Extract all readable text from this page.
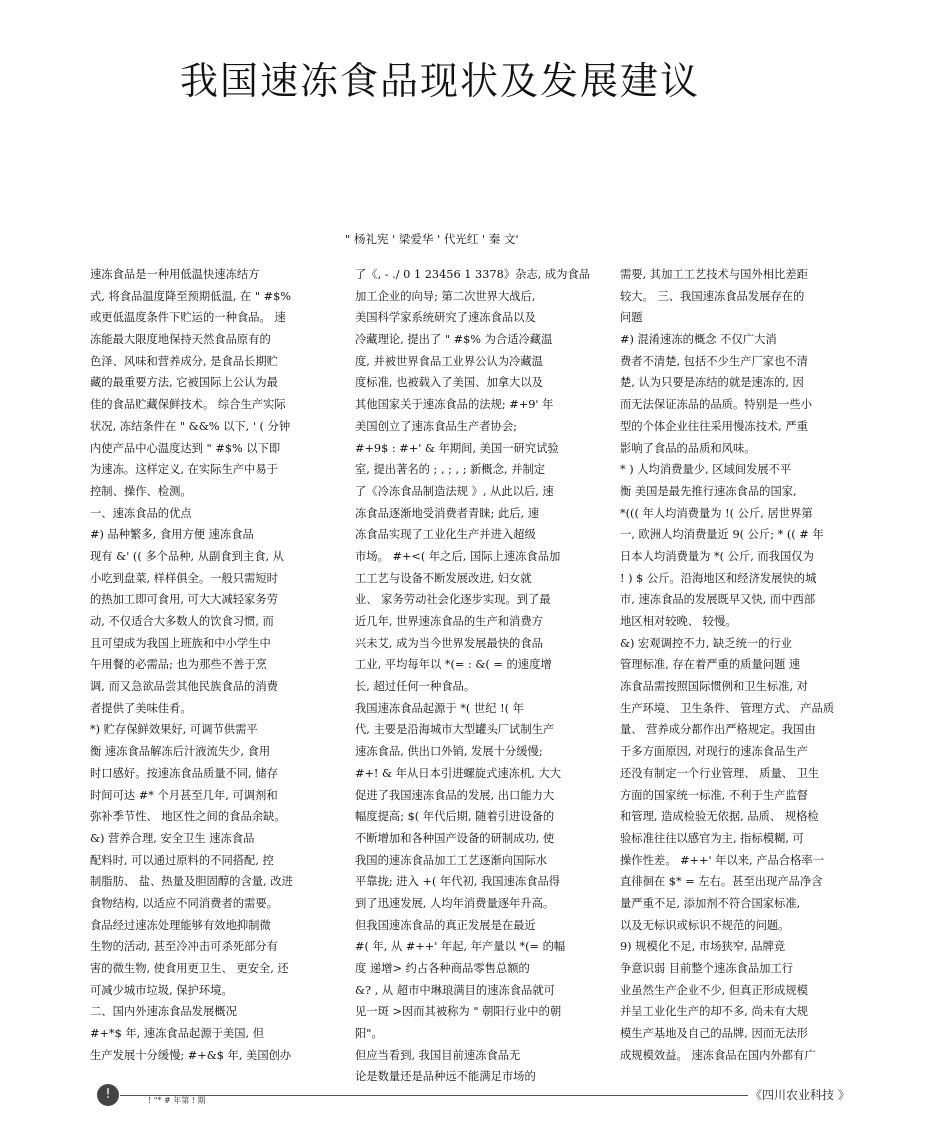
我国速冻食品现状及发展建议
" 杨礼宪 ' 梁爱华 ' 代光红 ' 秦 文'
速冻食品是一种用低温快速冻结方
式, 将食品温度降至预期低温, 在 " #$%
或更低温度条件下贮运的一种食品。 速
冻能最大限度地保持天然食品原有的
色泽、风味和营养成分, 是食品长期贮
藏的最重要方法, 它被国际上公认为最
佳的食品贮藏保鲜技术。 综合生产实际
状况, 冻结条件在 " &&% 以下, ' ( 分钟
内使产品中心温度达到 " #$% 以下即
为速冻。这样定义, 在实际生产中易于
控制、操作、检测。
一、速冻食品的优点
#) 品种繁多, 食用方便 速冻食品
现有 &' (( 多个品种, 从副食到主食, 从
小吃到盘菜, 样样俱全。一般只需短时
的热加工即可食用, 可大大减轻家务劳
动, 不仅适合大多数人的饮食习惯, 而
且可望成为我国上班族和中小学生中
午用餐的必需品; 也为那些不善于烹
调, 而又急欲品尝其他民族食品的消费
者提供了美味佳肴。
*) 贮存保鲜效果好, 可调节供需平
衡 速冻食品解冻后汁液流失少, 食用
时口感好。按速冻食品质量不同, 储存
时间可达 #* 个月甚至几年, 可调剂和
弥补季节性、 地区性之间的食品余缺。
&) 营养合理, 安全卫生 速冻食品
配料时, 可以通过原料的不同搭配, 控
制脂肪、 盐、热量及胆固醇的含量, 改进
食物结构, 以适应不同消费者的需要。
食品经过速冻处理能够有效地抑制微
生物的活动, 甚至冷冲击可杀死部分有
害的微生物, 使食用更卫生、 更安全, 还
可减少城市垃圾, 保护环境。
二、国内外速冻食品发展概况
#+*$ 年, 速冻食品起源于美国, 但
生产发展十分缓慢; #+&$ 年, 美国创办
了《, - ./ 0 1 23456 1 3378》杂志, 成为食品
加工企业的向导; 第二次世界大战后,
美国科学家系统研究了速冻食品以及
冷藏理论, 提出了 " #$% 为合适冷藏温
度, 并被世界食品工业界公认为冷藏温
度标准, 也被载入了美国、加拿大以及
其他国家关于速冻食品的法规; #+9' 年
美国创立了速冻食品生产者协会;
#+9$ : #+' & 年期间, 美国一研究试验
室, 提出著名的 ; , ; , ; 新概念, 并制定
了《冷冻食品制造法规 》, 从此以后, 速
冻食品逐渐地受消费者青睐; 此后, 速
冻食品实现了工业化生产并进入超级
市场。 #+<( 年之后, 国际上速冻食品加
工工艺与设备不断发展改进, 妇女就
业、 家务劳动社会化逐步实现。到了最
近几年, 世界速冻食品的生产和消费方
兴未艾, 成为当今世界发展最快的食品
工业, 平均每年以 *(= : &( = 的速度增
长, 超过任何一种食品。
我国速冻食品起源于 *( 世纪 !( 年
代, 主要是沿海城市大型罐头厂试制生产
速冻食品, 供出口外销, 发展十分缓慢;
#+! & 年从日本引进螺旋式速冻机, 大大
促进了我国速冻食品的发展, 出口能力大
幅度提高; $( 年代后期, 随着引进设备的
不断增加和各种国产设备的研制成功, 使
我国的速冻食品加工工艺逐渐向国际水
平靠拢; 进入 +( 年代初, 我国速冻食品得
到了迅速发展, 人均年消费量逐年升高。
但我国速冻食品的真正发展是在最近
#( 年, 从 #++' 年起, 年产量以 *(= 的幅
度 递增> 约占各种商品零售总额的
&? , 从 超市中琳琅满目的速冻食品就可
见一斑 >因而其被称为 " 朝阳行业中的朝
阳"。
但应当看到, 我国目前速冻食品无
论是数量还是品种远不能满足市场的
需要, 其加工工艺技术与国外相比差距
较大。 三、我国速冻食品发展存在的
问题
#) 混淆速冻的概念 不仅广大消
费者不清楚, 包括不少生产厂家也不清
楚, 认为只要是冻结的就是速冻的, 因
而无法保证冻品的品质。特别是一些小
型的个体企业往往采用慢冻技术, 严重
影响了食品的品质和风味。
* ) 人均消费量少, 区域间发展不平
衡 美国是最先推行速冻食品的国家,
*((( 年人均消费量为 !( 公斤, 居世界第
一, 欧洲人均消费量近 9( 公斤; * (( # 年
日本人均消费量为 *( 公斤, 而我国仅为
! ) $ 公斤。沿海地区和经济发展快的城
市, 速冻食品的发展既早又快, 而中西部
地区相对较晚、 较慢。
&) 宏观调控不力, 缺乏统一的行业
管理标准, 存在着严重的质量问题 速
冻食品需按照国际惯例和卫生标准, 对
生产环境、 卫生条件、 管理方式、 产品质
量、 营养成分都作出严格规定。我国由
于多方面原因, 对现行的速冻食品生产
还没有制定一个行业管理、 质量、 卫生
方面的国家统一标准, 不利于生产监督
和管理, 造成检验无依据, 品质、 规格检
验标准往往以感官为主, 指标模糊, 可
操作性差。 #++' 年以来, 产品合格率一
直徘徊在 $* = 左右。甚至出现产品净含
量严重不足, 添加剂不符合国家标准,
以及无标识或标识不规范的问题。
9) 规模化不足, 市场狭窄, 品牌竞
争意识弱 目前整个速冻食品加工行
业虽然生产企业不少, 但真正形成规模
并呈工业化生产的却不多, 尚未有大规
模生产基地及自己的品牌, 因而无法形
成规模效益。 速冻食品在国内外都有广
!	! "* # 年第 ! 期	《四川农业科技 》
